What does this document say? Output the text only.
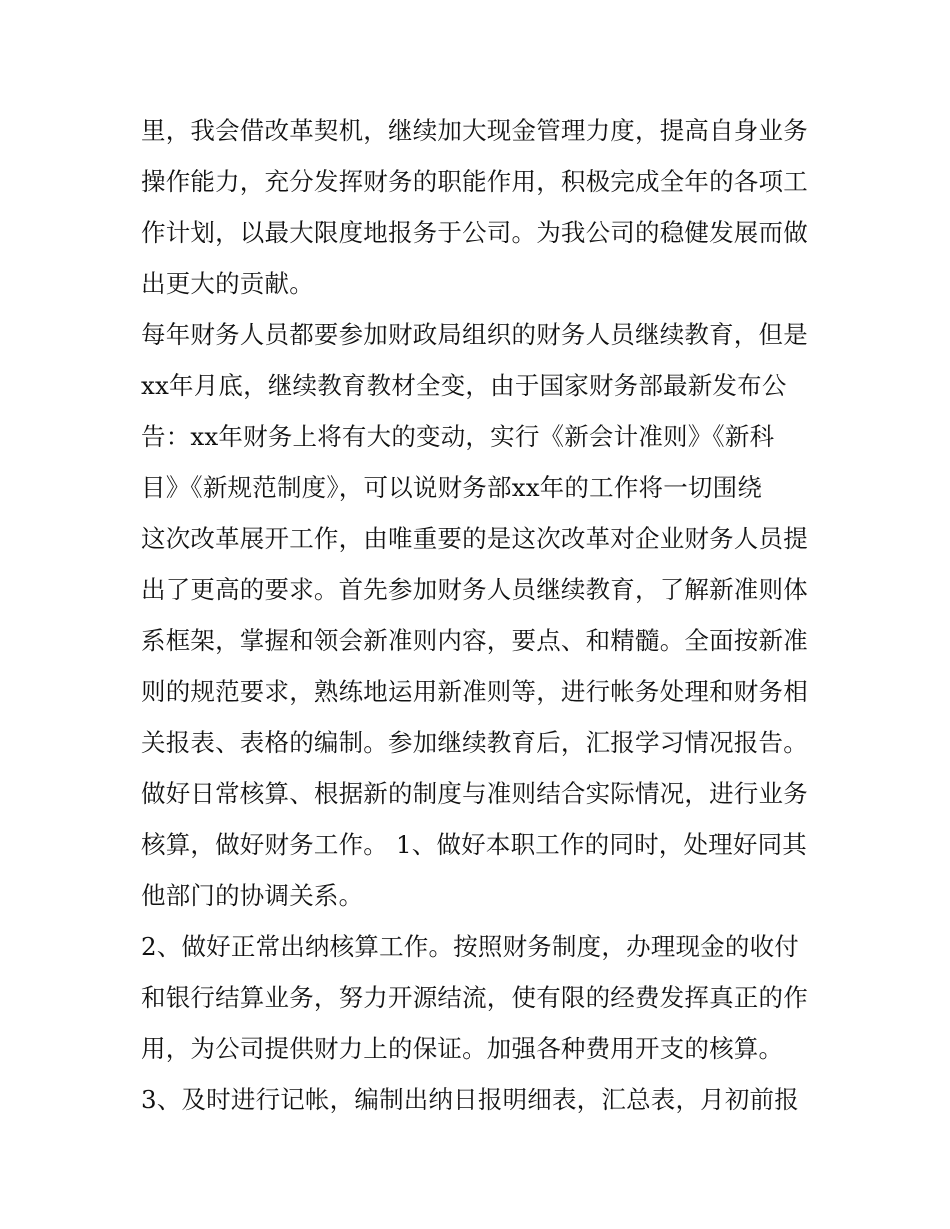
里，我会借改革契机，继续加大现金管理力度，提高自身业务
操作能力，充分发挥财务的职能作用，积极完成全年的各项工
作计划，以最大限度地报务于公司。为我公司的稳健发展而做
出更大的贡献。
每年财务人员都要参加财政局组织的财务人员继续教育，但是
xx年月底，继续教育教材全变，由于国家财务部最新发布公
告：xx年财务上将有大的变动，实行《新会计准则》《新科
目》《新规范制度》，可以说财务部xx年的工作将一切围绕
这次改革展开工作，由唯重要的是这次改革对企业财务人员提
出了更高的要求。首先参加财务人员继续教育，了解新准则体
系框架，掌握和领会新准则内容，要点、和精髓。全面按新准
则的规范要求，熟练地运用新准则等，进行帐务处理和财务相
关报表、表格的编制。参加继续教育后，汇报学习情况报告。
做好日常核算、根据新的制度与准则结合实际情况，进行业务
核算，做好财务工作。 1、做好本职工作的同时，处理好同其
他部门的协调关系。
2、做好正常出纳核算工作。按照财务制度，办理现金的收付
和银行结算业务，努力开源结流，使有限的经费发挥真正的作
用，为公司提供财力上的保证。加强各种费用开支的核算。
3、及时进行记帐，编制出纳日报明细表，汇总表，月初前报
